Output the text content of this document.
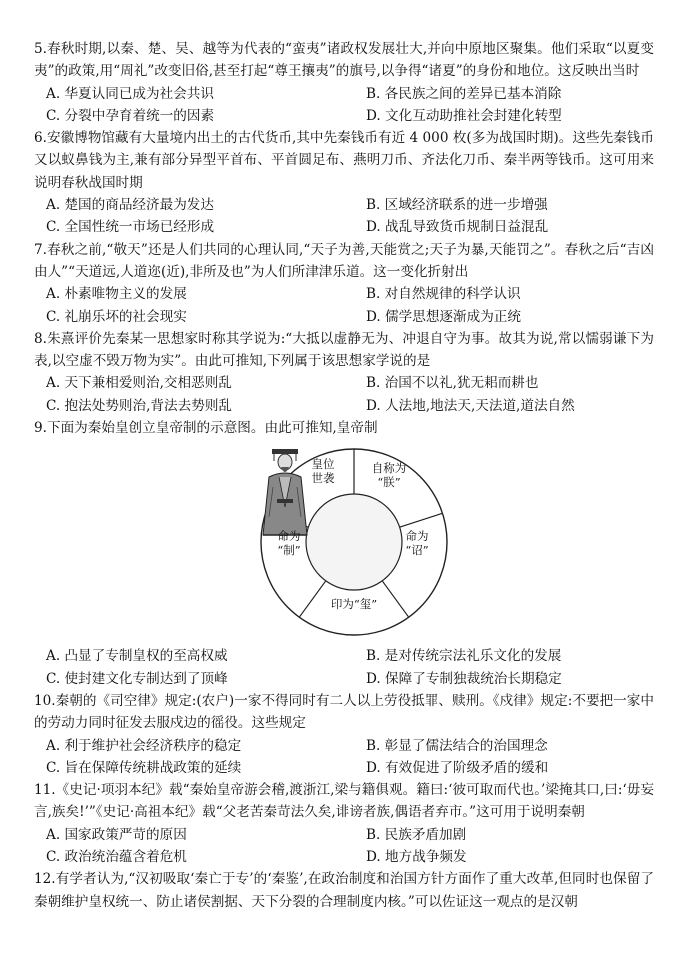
5.春秋时期,以秦、楚、吴、越等为代表的“蛮夷”诸政权发展壮大,并向中原地区聚集。他们采取“以夏变夷”的政策,用“周礼”改变旧俗,甚至打起“尊王攘夷”的旗号,以争得“诸夏”的身份和地位。这反映出当时

A. 华夏认同已成为社会共识	B. 各民族之间的差异已基本消除
C. 分裂中孕育着统一的因素	D. 文化互动助推社会封建化转型

6.安徽博物馆藏有大量境内出土的古代货币,其中先秦钱币有近 4 000 枚(多为战国时期)。这些先秦钱币又以蚁鼻钱为主,兼有部分异型平首布、平首圆足布、燕明刀币、齐法化刀币、秦半两等钱币。这可用来说明春秋战国时期

A. 楚国的商品经济最为发达	B. 区域经济联系的进一步增强
C. 全国性统一市场已经形成	D. 战乱导致货币规制日益混乱

7.春秋之前,“敬天”还是人们共同的心理认同,“天子为善,天能赏之;天子为暴,天能罚之”。春秋之后“吉凶由人”“天道远,人道迩(近),非所及也”为人们所津津乐道。这一变化折射出

A. 朴素唯物主义的发展	B. 对自然规律的科学认识
C. 礼崩乐坏的社会现实	D. 儒学思想逐渐成为正统

8.朱熹评价先秦某一思想家时称其学说为:“大抵以虚静无为、冲退自守为事。故其为说,常以懦弱谦下为表,以空虚不毁万物为实”。由此可推知,下列属于该思想家学说的是

A. 天下兼相爱则治,交相恶则乱	B. 治国不以礼,犹无耜而耕也
C. 抱法处势则治,背法去势则乱	D. 人法地,地法天,天法道,道法自然

9.下面为秦始皇创立皇帝制的示意图。由此可推知,皇帝制

皇位
世袭
自称为
“朕”
命为
“诏”
印为“玺”
命为
“制”
A. 凸显了专制皇权的至高权威	B. 是对传统宗法礼乐文化的发展
C. 使封建文化专制达到了顶峰	D. 保障了专制独裁统治长期稳定

10.秦朝的《司空律》规定:(农户)一家不得同时有二人以上劳役抵罪、赎刑。《戍律》规定:不要把一家中的劳动力同时征发去服戍边的徭役。这些规定

A. 利于维护社会经济秩序的稳定	B. 彰显了儒法结合的治国理念
C. 旨在保障传统耕战政策的延续	D. 有效促进了阶级矛盾的缓和

11.《史记·项羽本纪》载“秦始皇帝游会稽,渡浙江,梁与籍俱观。籍曰:‘彼可取而代也。’梁掩其口,曰:‘毋妄言,族矣!’”《史记·高祖本纪》载“父老苦秦苛法久矣,诽谤者族,偶语者弃市。”这可用于说明秦朝

A. 国家政策严苛的原因	B. 民族矛盾加剧
C. 政治统治蕴含着危机	D. 地方战争频发

12.有学者认为,“汉初吸取‘秦亡于专’的‘秦鉴’,在政治制度和治国方针方面作了重大改革,但同时也保留了秦朝维护皇权统一、防止诸侯割据、天下分裂的合理制度内核。”可以佐证这一观点的是汉朝
